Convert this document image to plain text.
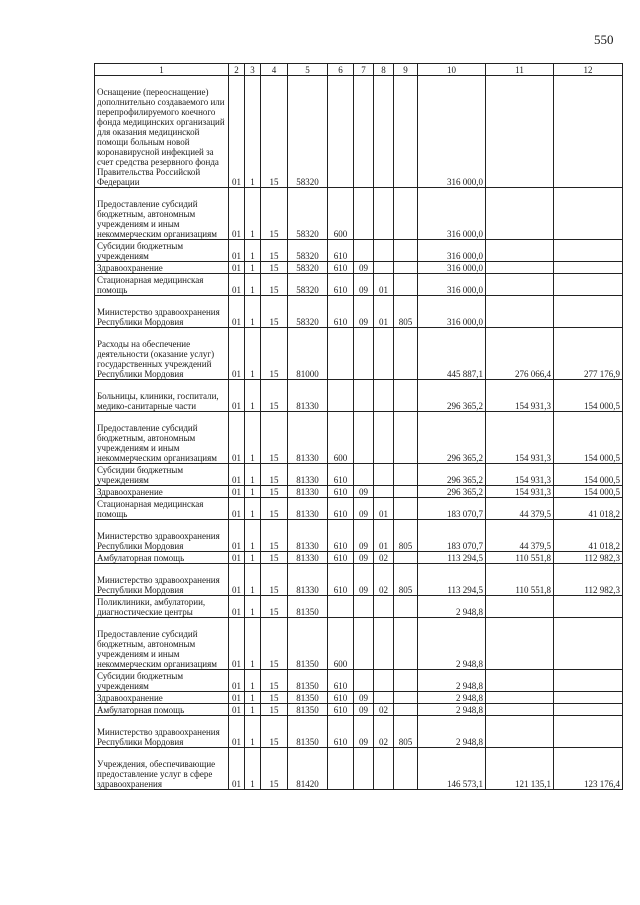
550
1	2	3	4	5	6	7	8	9	10	11	12
Оснащение (переоснащение) дополнительно создаваемого или перепрофилируемого коечного фонда медицинских организаций для оказания медицинской помощи больным новой коронавирусной инфекцией за счет средства резервного фонда Правительства Российской Федерации	01	1	15	58320					316 000,0		
Предоставление субсидий бюджетным, автономным учреждениям и иным некоммерческим организациям	01	1	15	58320	600				316 000,0		
Субсидии бюджетным учреждениям	01	1	15	58320	610				316 000,0		
Здравоохранение	01	1	15	58320	610	09			316 000,0		
Стационарная медицинская помощь	01	1	15	58320	610	09	01		316 000,0		
Министерство здравоохранения Республики Мордовия	01	1	15	58320	610	09	01	805	316 000,0		
Расходы на обеспечение деятельности (оказание услуг) государственных учреждений Республики Мордовия	01	1	15	81000					445 887,1	276 066,4	277 176,9
Больницы, клиники, госпитали, медико-санитарные части	01	1	15	81330					296 365,2	154 931,3	154 000,5
Предоставление субсидий бюджетным, автономным учреждениям и иным некоммерческим организациям	01	1	15	81330	600				296 365,2	154 931,3	154 000,5
Субсидии бюджетным учреждениям	01	1	15	81330	610				296 365,2	154 931,3	154 000,5
Здравоохранение	01	1	15	81330	610	09			296 365,2	154 931,3	154 000,5
Стационарная медицинская помощь	01	1	15	81330	610	09	01		183 070,7	44 379,5	41 018,2
Министерство здравоохранения Республики Мордовия	01	1	15	81330	610	09	01	805	183 070,7	44 379,5	41 018,2
Амбулаторная помощь	01	1	15	81330	610	09	02		113 294,5	110 551,8	112 982,3
Министерство здравоохранения Республики Мордовия	01	1	15	81330	610	09	02	805	113 294,5	110 551,8	112 982,3
Поликлиники, амбулатории, диагностические центры	01	1	15	81350					2 948,8		
Предоставление субсидий бюджетным, автономным учреждениям и иным некоммерческим организациям	01	1	15	81350	600				2 948,8		
Субсидии бюджетным учреждениям	01	1	15	81350	610				2 948,8		
Здравоохранение	01	1	15	81350	610	09			2 948,8		
Амбулаторная помощь	01	1	15	81350	610	09	02		2 948,8		
Министерство здравоохранения Республики Мордовия	01	1	15	81350	610	09	02	805	2 948,8		
Учреждения, обеспечивающие предоставление услуг в сфере здравоохранения	01	1	15	81420					146 573,1	121 135,1	123 176,4
